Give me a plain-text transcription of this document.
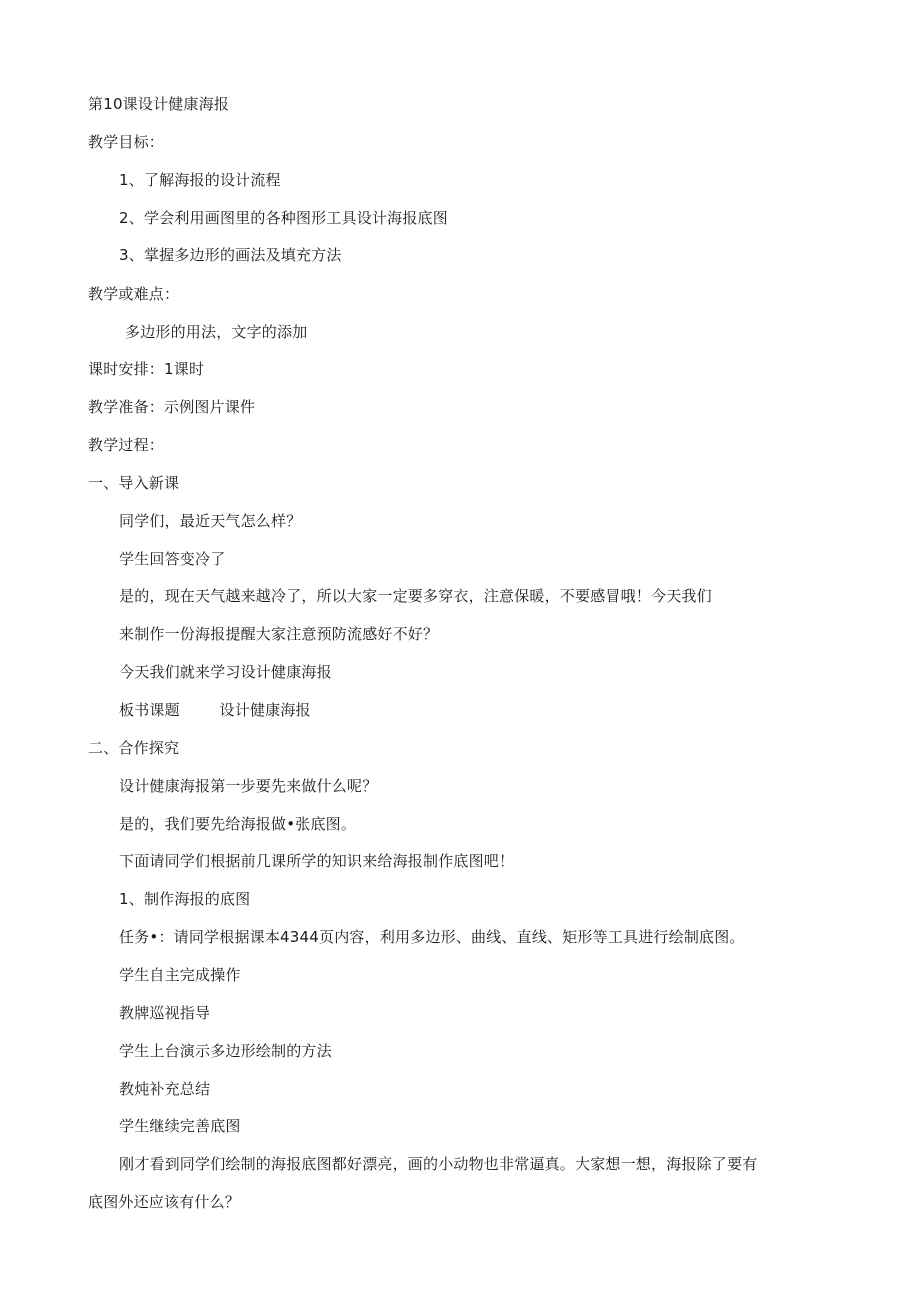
第10课设计健康海报
教学目标：
1、了解海报的设计流程
2、学会利用画图里的各种图形工具设计海报底图
3、掌握多边形的画法及填充方法
教学或难点：
多边形的用法，文字的添加
课时安排：1课时
教学准备：示例图片课件
教学过程：
一、导入新课
同学们，最近天气怎么样？
学生回答变冷了
是的，现在天气越来越冷了，所以大家一定要多穿衣，注意保暖，不要感冒哦！今天我们
来制作一份海报提醒大家注意预防流感好不好？
今天我们就来学习设计健康海报
板书课题        设计健康海报
二、合作探究
设计健康海报第一步要先来做什么呢？
是的，我们要先给海报做•张底图。
下面请同学们根据前几课所学的知识来给海报制作底图吧！
1、制作海报的底图
任务•：请同学根据课本4344页内容，利用多边形、曲线、直线、矩形等工具进行绘制底图。
学生自主完成操作
教牌巡视指导
学生上台演示多边形绘制的方法
教炖补充总结
学生继续完善底图
刚才看到同学们绘制的海报底图都好漂亮，画的小动物也非常逼真。大家想一想，海报除了要有
底图外还应该有什么？
